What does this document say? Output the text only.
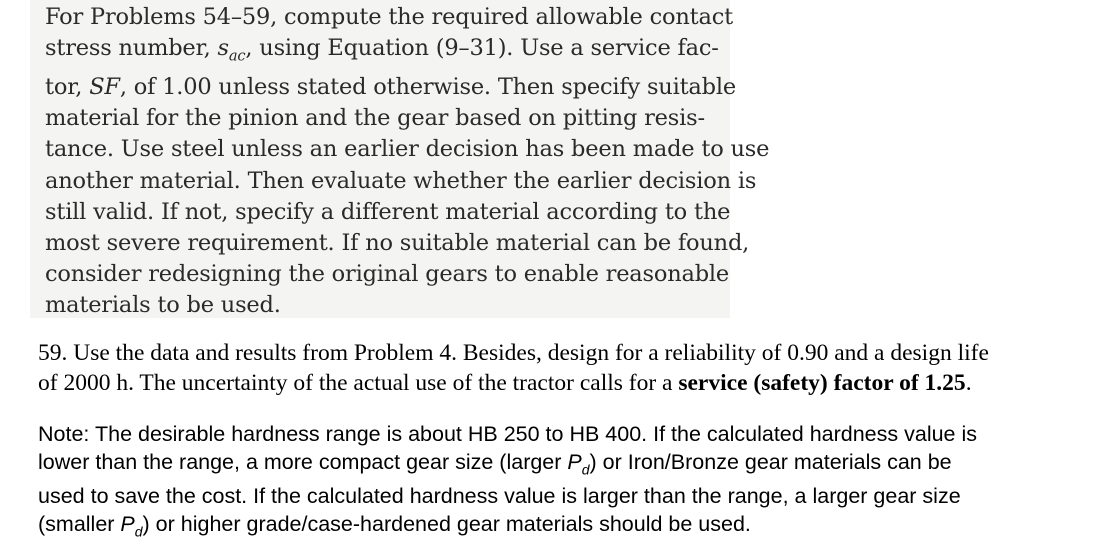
For Problems 54–59, compute the required allowable contact
stress number, $s_{ac}$, using Equation (9–31). Use a service fac-
tor, SF, of 1.00 unless stated otherwise. Then specify suitable
material for the pinion and the gear based on pitting resis-
tance. Use steel unless an earlier decision has been made to use
another material. Then evaluate whether the earlier decision is
still valid. If not, specify a different material according to the
most severe requirement. If no suitable material can be found,
consider redesigning the original gears to enable reasonable
materials to be used.
59. Use the data and results from Problem 4. Besides, design for a reliability of 0.90 and a design life
of 2000 h. The uncertainty of the actual use of the tractor calls for a service (safety) factor of 1.25.
Note: The desirable hardness range is about HB 250 to HB 400. If the calculated hardness value is
lower than the range, a more compact gear size (larger $P_d$) or Iron/Bronze gear materials can be
used to save the cost. If the calculated hardness value is larger than the range, a larger gear size
(smaller $P_d$) or higher grade/case-hardened gear materials should be used.
